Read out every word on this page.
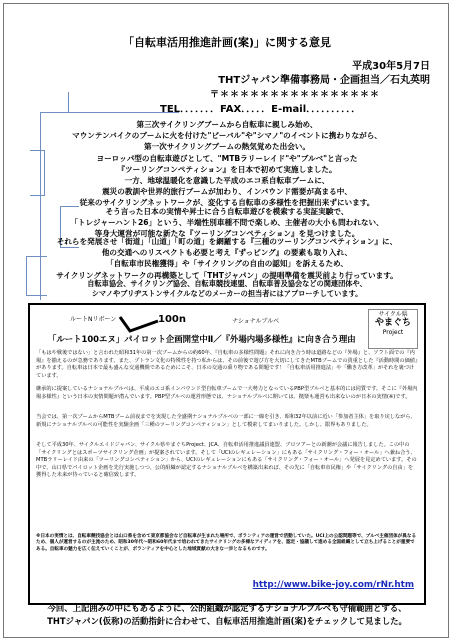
「自転車活用推進計画(案)」に関する意見
平成30年5月7日
THTジャパン準備事務局・企画担当／石丸英明
〒＊＊＊＊＊＊＊＊＊＊＊＊＊＊＊＊
TEL．．．．．．．FAX．．．．．E-mail．．．．．．．．．．
第三次サイクリングブームから自転車に親しみ始め、
マウンテンバイクのブームに火を付けた"ビーバル"や"シマノ"のイベントに携わりながら、
第一次サイクリングブームの熱気覚めた出会い。
ヨーロッパ型の自転車遊びとして、"MTBラリーレイド"や"ブルベ"と言った
『ツーリングコンペティション』を日本で初めて実施しました。
一方、地球温暖化を意識した平成のエコ系自転車ブームに、
震災の教訓や世界的旅行ブームが加わり、インバウンド需要が高まる中、
従来のサイクリングネットワークが、変化する自転車の多様性を把握出来ずにいます。
そう言った日本の実情や昇士に合う自転車遊びを模索する実証実験で、
「トレジャーハント26」という、半端性別車種不問で楽しめ、主催者の大小も問われない、
等身大運営が可能な新たな『ツーリングコンペティション』を見つけました。
それらを発展させ「街道」「山道」「町の道」を網羅する『三種のツーリングコンペティション』に、
他の交通へのリスペクトも必要と考え『ずっピング』の要素も取り入れ、
「自転車市民権獲得」や「サイクリングの自由の認知」を訴えるため、
サイクリングネットワークの再構築として「THTジャパン」の提唱準備を震災前より行っています。
ルートNリボーン	100n	ナショナルブルベ
サイクル県
やまぐち
Project
「ルート100エヌ」パイロット企画開堂中Ⅱ／『外場内場多様性』に向き合う理由
「もはや戦後ではない」と言われた昭和31年の第一次ブームからの約60年、『自転車の多様性問題』それに向き合う時は道路などの『外場』と、ソフト面での『内場』を揃えるのが急務であります。また、プトラン文化の特殊性を持つ私からは、その前後で遊び方を大切にしてきたMTBブームでの貴重とした『活動時間の価値』があります。自転車は日本で最も盛んな交通機関であるためにこそ、日本の交通の乗り物である問題です！「自転車活用推進法」や「働き方改革」がそれを裏づけています。
継承的に提案しているナショナルブルベは、平成のエコ系インバウンド型自転車ブームで一大勢力となっているPBP型ブルベと基本的には同質です。そこに『外場内場多様性』という日本の実情問題が潜んでいます。PBP型ブルベの運営形態では、ナショナルブルベに開いては、拠楽も運営も出来ないのが日本の実情(※)です。
当会では、第一次ブームからMTBブーム前夜までを実現した全盛期ナショナルブルベの一部に一線を引き、昭和32年以前に近い「参加者主体」を取り戻しながら、新規にナショナルブルベの可能性を実験企画「三種のツーリングコンペティション」として模索してまいりました。しかし、限界もありました。
そして平成30年、サイクルエイドジャパン、サイクル県やまぐちProject、JCA、自転車活用推進議員連盟、ブロツアーとの新潮が会議に報告しました。この中の「サイクリングとはスポーツサイクリング企画」が提案されています。そして「UCIのレギュレーション」にもある「サイクリング・フォー・オール」へ兼ね合う、MTBラリーレイド由来の「ツーリングコンペティション」から、UCIのレギュレーションにもある「サイクリング・フォー・オール」へ発展を見定めています。その中で、山口県でパイロット企画を先行実施しつつ、公的組織が認定するナショナルブルベを構築出来れば、その先に「自転車市民権」や「サイクリングの自由」を獲得した未来が待っていると確信致します。
※日本の実情とは、自転車競技協会とは山口県を含めて東京都協会など自転車が生まれた場所で、ボランティアの運営で活動していた。UCI上の公認問題等で、ブルベ主催団体が異なるため、個人が運営するのが主流のため、昭和30年代〜昭和60年代まで培われてきたサイクリングの多様なアイディアを、認定・協議して進める全国組織として立ち上げることが重要である。自転車の魅力を広く伝えていくことが、ボランティアを中心とした地域貢献の大きな一歩となるものです。
http://www.bike-joy.com/rNr.htm
今回、上記囲みの中にもあるように、公的組織が認定するナショナルブルベも守備範囲とする、
THTジャパン(仮称)の活動指針に合わせて、自転車活用推進計画(案)をチェックして見ました。
自転車協会、サイクリング協会、自転車競技連盟、自転車普及協会などの関連団体や、
シマノやブリヂストンサイクルなどのメーカーの担当者にはアプローチしています。
